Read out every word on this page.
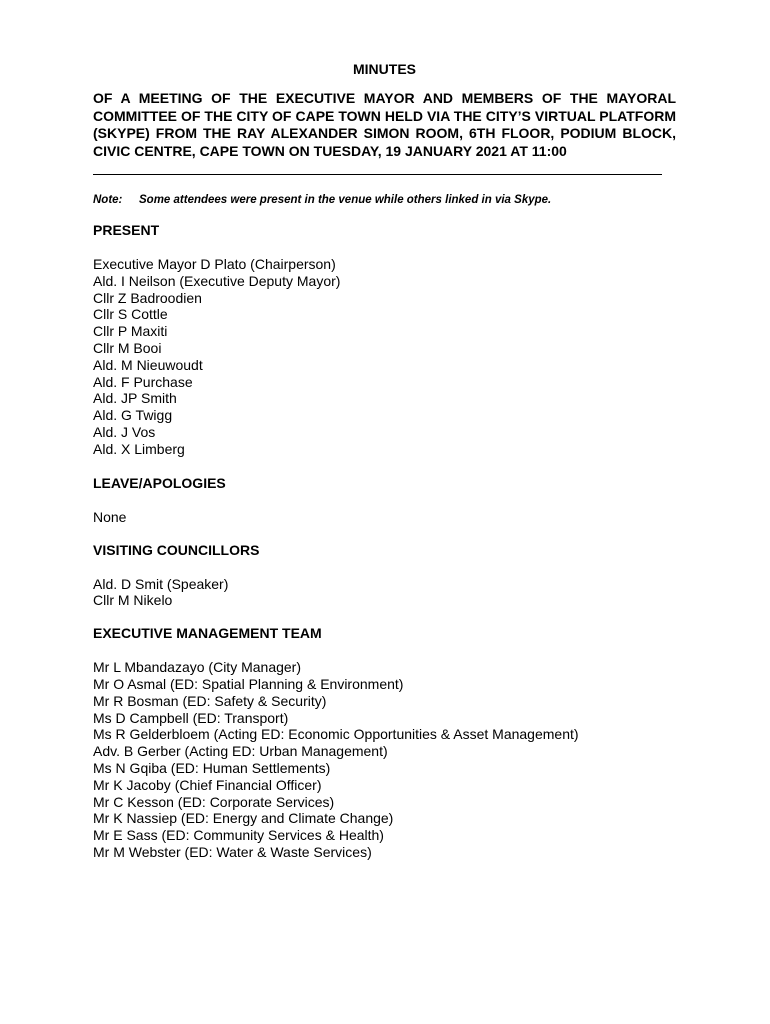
MINUTES

OF A MEETING OF THE EXECUTIVE MAYOR AND MEMBERS OF THE MAYORAL COMMITTEE OF THE CITY OF CAPE TOWN HELD VIA THE CITY’S VIRTUAL PLATFORM (SKYPE) FROM THE RAY ALEXANDER SIMON ROOM, 6TH FLOOR, PODIUM BLOCK, CIVIC CENTRE, CAPE TOWN ON TUESDAY, 19 JANUARY 2021 AT 11:00

Note:	Some attendees were present in the venue while others linked in via Skype.
PRESENT
Executive Mayor D Plato (Chairperson)
Ald. I Neilson (Executive Deputy Mayor)
Cllr Z Badroodien
Cllr S Cottle
Cllr P Maxiti
Cllr M Booi
Ald. M Nieuwoudt
Ald. F Purchase
Ald. JP Smith
Ald. G Twigg
Ald. J Vos
Ald. X Limberg
LEAVE/APOLOGIES

None

VISITING COUNCILLORS
Ald. D Smit (Speaker)
Cllr M Nikelo
EXECUTIVE MANAGEMENT TEAM
Mr L Mbandazayo (City Manager)
Mr O Asmal (ED: Spatial Planning & Environment)
Mr R Bosman (ED: Safety & Security)
Ms D Campbell (ED: Transport)
Ms R Gelderbloem (Acting ED: Economic Opportunities & Asset Management)
Adv. B Gerber (Acting ED: Urban Management)
Ms N Gqiba (ED: Human Settlements)
Mr K Jacoby (Chief Financial Officer)
Mr C Kesson (ED: Corporate Services)
Mr K Nassiep (ED: Energy and Climate Change)
Mr E Sass (ED: Community Services & Health)
Mr M Webster (ED: Water & Waste Services)
